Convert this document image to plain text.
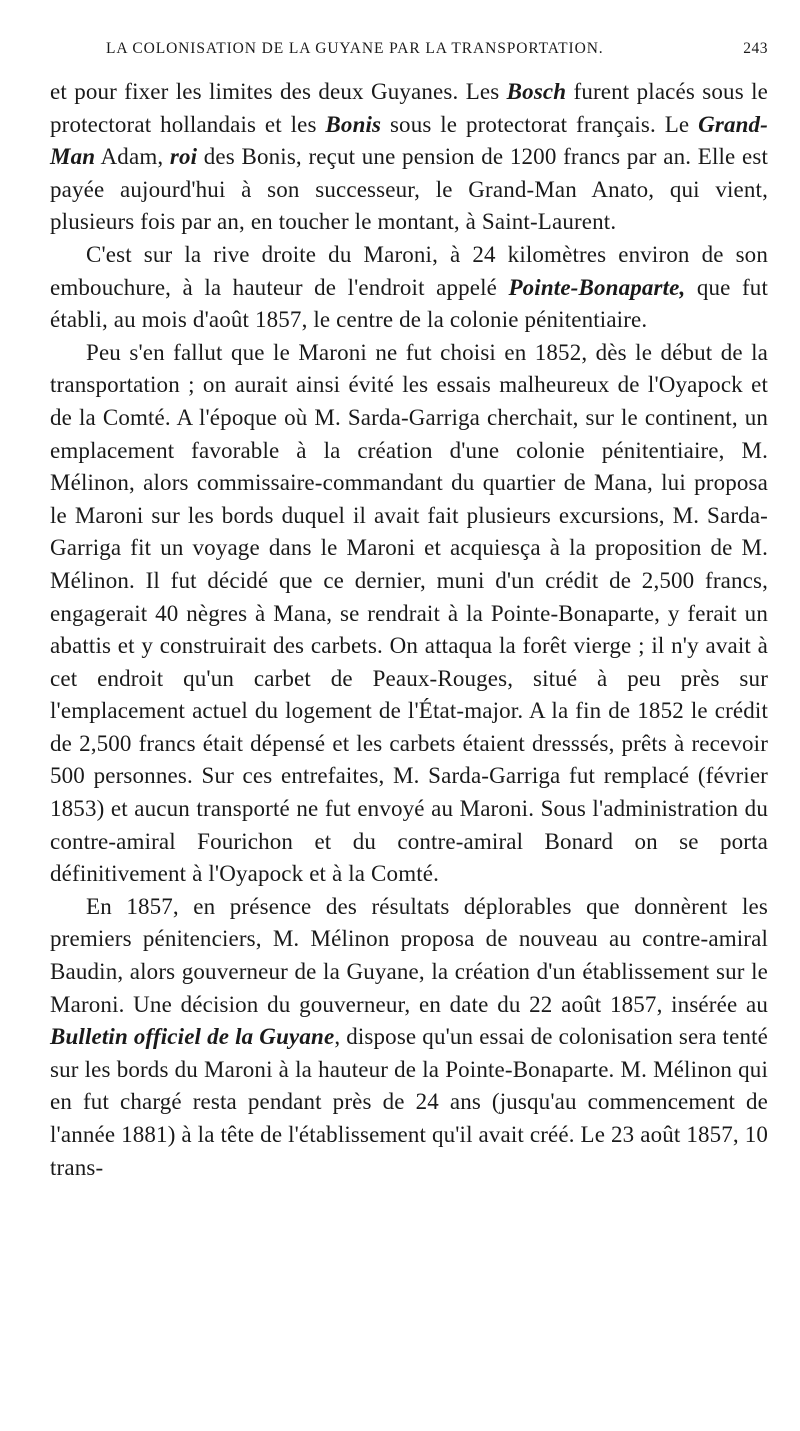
LA COLONISATION DE LA GUYANE PAR LA TRANSPORTATION.	243

et pour fixer les limites des deux Guyanes. Les Bosch furent placés sous le protectorat hollandais et les Bonis sous le protectorat français. Le Grand-Man Adam, roi des Bonis, reçut une pension de 1200 francs par an. Elle est payée aujourd'hui à son successeur, le Grand-Man Anato, qui vient, plusieurs fois par an, en toucher le montant, à Saint-Laurent.

C'est sur la rive droite du Maroni, à 24 kilomètres environ de son embouchure, à la hauteur de l'endroit appelé Pointe-Bonaparte, que fut établi, au mois d'août 1857, le centre de la colonie pénitentiaire.

Peu s'en fallut que le Maroni ne fut choisi en 1852, dès le début de la transportation ; on aurait ainsi évité les essais malheureux de l'Oyapock et de la Comté. A l'époque où M. Sarda-Garriga cherchait, sur le continent, un emplacement favorable à la création d'une colonie pénitentiaire, M. Mélinon, alors commissaire-commandant du quartier de Mana, lui proposa le Maroni sur les bords duquel il avait fait plusieurs excursions, M. Sarda-Garriga fit un voyage dans le Maroni et acquiesça à la proposition de M. Mélinon. Il fut décidé que ce dernier, muni d'un crédit de 2,500 francs, engagerait 40 nègres à Mana, se rendrait à la Pointe-Bonaparte, y ferait un abattis et y construirait des carbets. On attaqua la forêt vierge ; il n'y avait à cet endroit qu'un carbet de Peaux-Rouges, situé à peu près sur l'emplacement actuel du logement de l'État-major. A la fin de 1852 le crédit de 2,500 francs était dépensé et les carbets étaient dresssés, prêts à recevoir 500 personnes. Sur ces entrefaites, M. Sarda-Garriga fut remplacé (février 1853) et aucun transporté ne fut envoyé au Maroni. Sous l'administration du contre-amiral Fourichon et du contre-amiral Bonard on se porta définitivement à l'Oyapock et à la Comté.

En 1857, en présence des résultats déplorables que donnèrent les premiers pénitenciers, M. Mélinon proposa de nouveau au contre-amiral Baudin, alors gouverneur de la Guyane, la création d'un établissement sur le Maroni. Une décision du gouverneur, en date du 22 août 1857, insérée au Bulletin officiel de la Guyane, dispose qu'un essai de colonisation sera tenté sur les bords du Maroni à la hauteur de la Pointe-Bonaparte. M. Mélinon qui en fut chargé resta pendant près de 24 ans (jusqu'au commencement de l'année 1881) à la tête de l'établissement qu'il avait créé. Le 23 août 1857, 10 trans-
